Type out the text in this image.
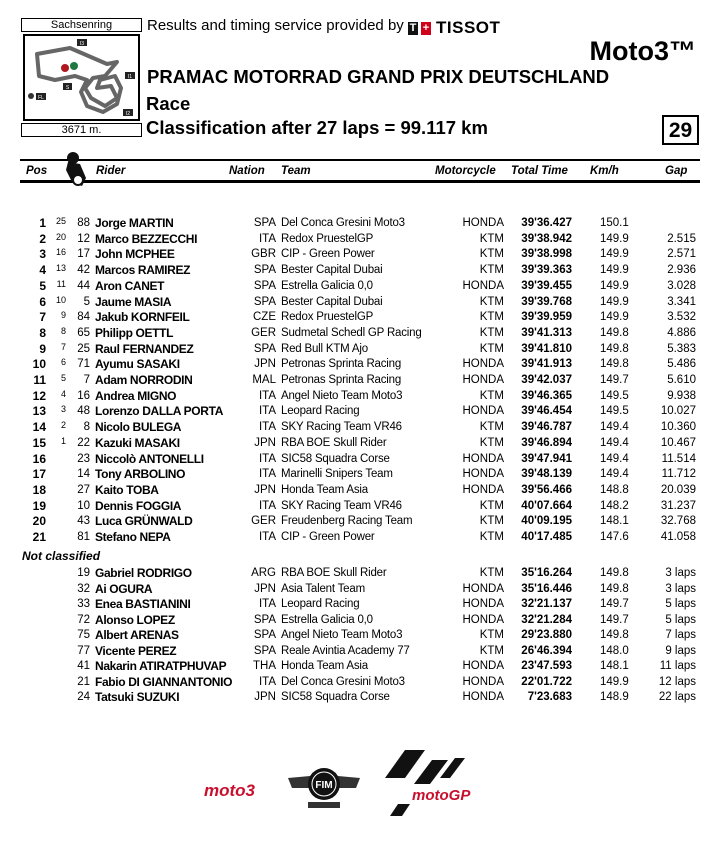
Sachsenring
I3
S
FL
I1
I2
3671 m.
Results and timing service provided by T + TISSOT
Moto3™
PRAMAC MOTORRAD GRAND PRIX DEUTSCHLAND
Race
Classification after 27 laps = 99.117 km	29
Pos	Rider	Nation Team	Motorcycle Total Time Km/h	Gap
1	25 88 Jorge MARTIN	SPA Del Conca Gresini Moto3	HONDA	39'36.427 150.1
2	20 12 Marco BEZZECCHI	ITA Redox PruestelGP	KTM	39'38.942 149.9	2.515
3	16 17 John MCPHEE	GBR CIP - Green Power	KTM	39'38.998 149.9	2.571
4	13 42 Marcos RAMIREZ	SPA Bester Capital Dubai	KTM	39'39.363 149.9	2.936
5	11 44 Aron CANET	SPA Estrella Galicia 0,0	HONDA	39'39.455 149.9	3.028
6	10	5 Jaume MASIA	SPA Bester Capital Dubai	KTM	39'39.768 149.9	3.341
7	9 84 Jakub KORNFEIL	CZE Redox PruestelGP	KTM	39'39.959 149.9	3.532
8	8 65 Philipp OETTL	GER Sudmetal Schedl GP Racing	KTM	39'41.313 149.8	4.886
9	7 25 Raul FERNANDEZ	SPA Red Bull KTM Ajo	KTM	39'41.810 149.8	5.383
10	6 71 Ayumu SASAKI	JPN Petronas Sprinta Racing	HONDA	39'41.913 149.8	5.486
11	5	7 Adam NORRODIN	MAL Petronas Sprinta Racing	HONDA	39'42.037 149.7	5.610
12	4 16 Andrea MIGNO	ITA Angel Nieto Team Moto3	KTM	39'46.365 149.5	9.938
13	3 48 Lorenzo DALLA PORTA	ITA Leopard Racing	HONDA	39'46.454 149.5	10.027
14	2	8 Nicolo BULEGA	ITA SKY Racing Team VR46	KTM	39'46.787 149.4	10.360
15	1 22 Kazuki MASAKI	JPN RBA BOE Skull Rider	KTM	39'46.894 149.4	10.467
16	23 Niccolò ANTONELLI	ITA SIC58 Squadra Corse	HONDA	39'47.941 149.4	11.514
17	14 Tony ARBOLINO	ITA Marinelli Snipers Team	HONDA	39'48.139 149.4	11.712
18	27 Kaito TOBA	JPN Honda Team Asia	HONDA	39'56.466 148.8	20.039
19	10 Dennis FOGGIA	ITA SKY Racing Team VR46	KTM	40'07.664 148.2	31.237
20	43 Luca GRÜNWALD	GER Freudenberg Racing Team	KTM	40'09.195 148.1	32.768
21	81 Stefano NEPA	ITA CIP - Green Power	KTM	40'17.485 147.6	41.058
Not classified
19 Gabriel RODRIGO	ARG RBA BOE Skull Rider	KTM	35'16.264 149.8	3 laps
32 Ai OGURA	JPN Asia Talent Team	HONDA	35'16.446 149.8	3 laps
33 Enea BASTIANINI	ITA Leopard Racing	HONDA	32'21.137 149.7	5 laps
72 Alonso LOPEZ	SPA Estrella Galicia 0,0	HONDA	32'21.284 149.7	5 laps
75 Albert ARENAS	SPA Angel Nieto Team Moto3	KTM	29'23.880 149.8	7 laps
77 Vicente PEREZ	SPA Reale Avintia Academy 77	KTM	26'46.394 148.0	9 laps
41 Nakarin ATIRATPHUVAP	THA Honda Team Asia	HONDA	23'47.593 148.1	11 laps
21 Fabio DI GIANNANTONIO	ITA Del Conca Gresini Moto3	HONDA	22'01.722 149.9	12 laps
24 Tatsuki SUZUKI	JPN SIC58 Squadra Corse	HONDA	7'23.683 148.9	22 laps
moto3	FIM
motoGP
